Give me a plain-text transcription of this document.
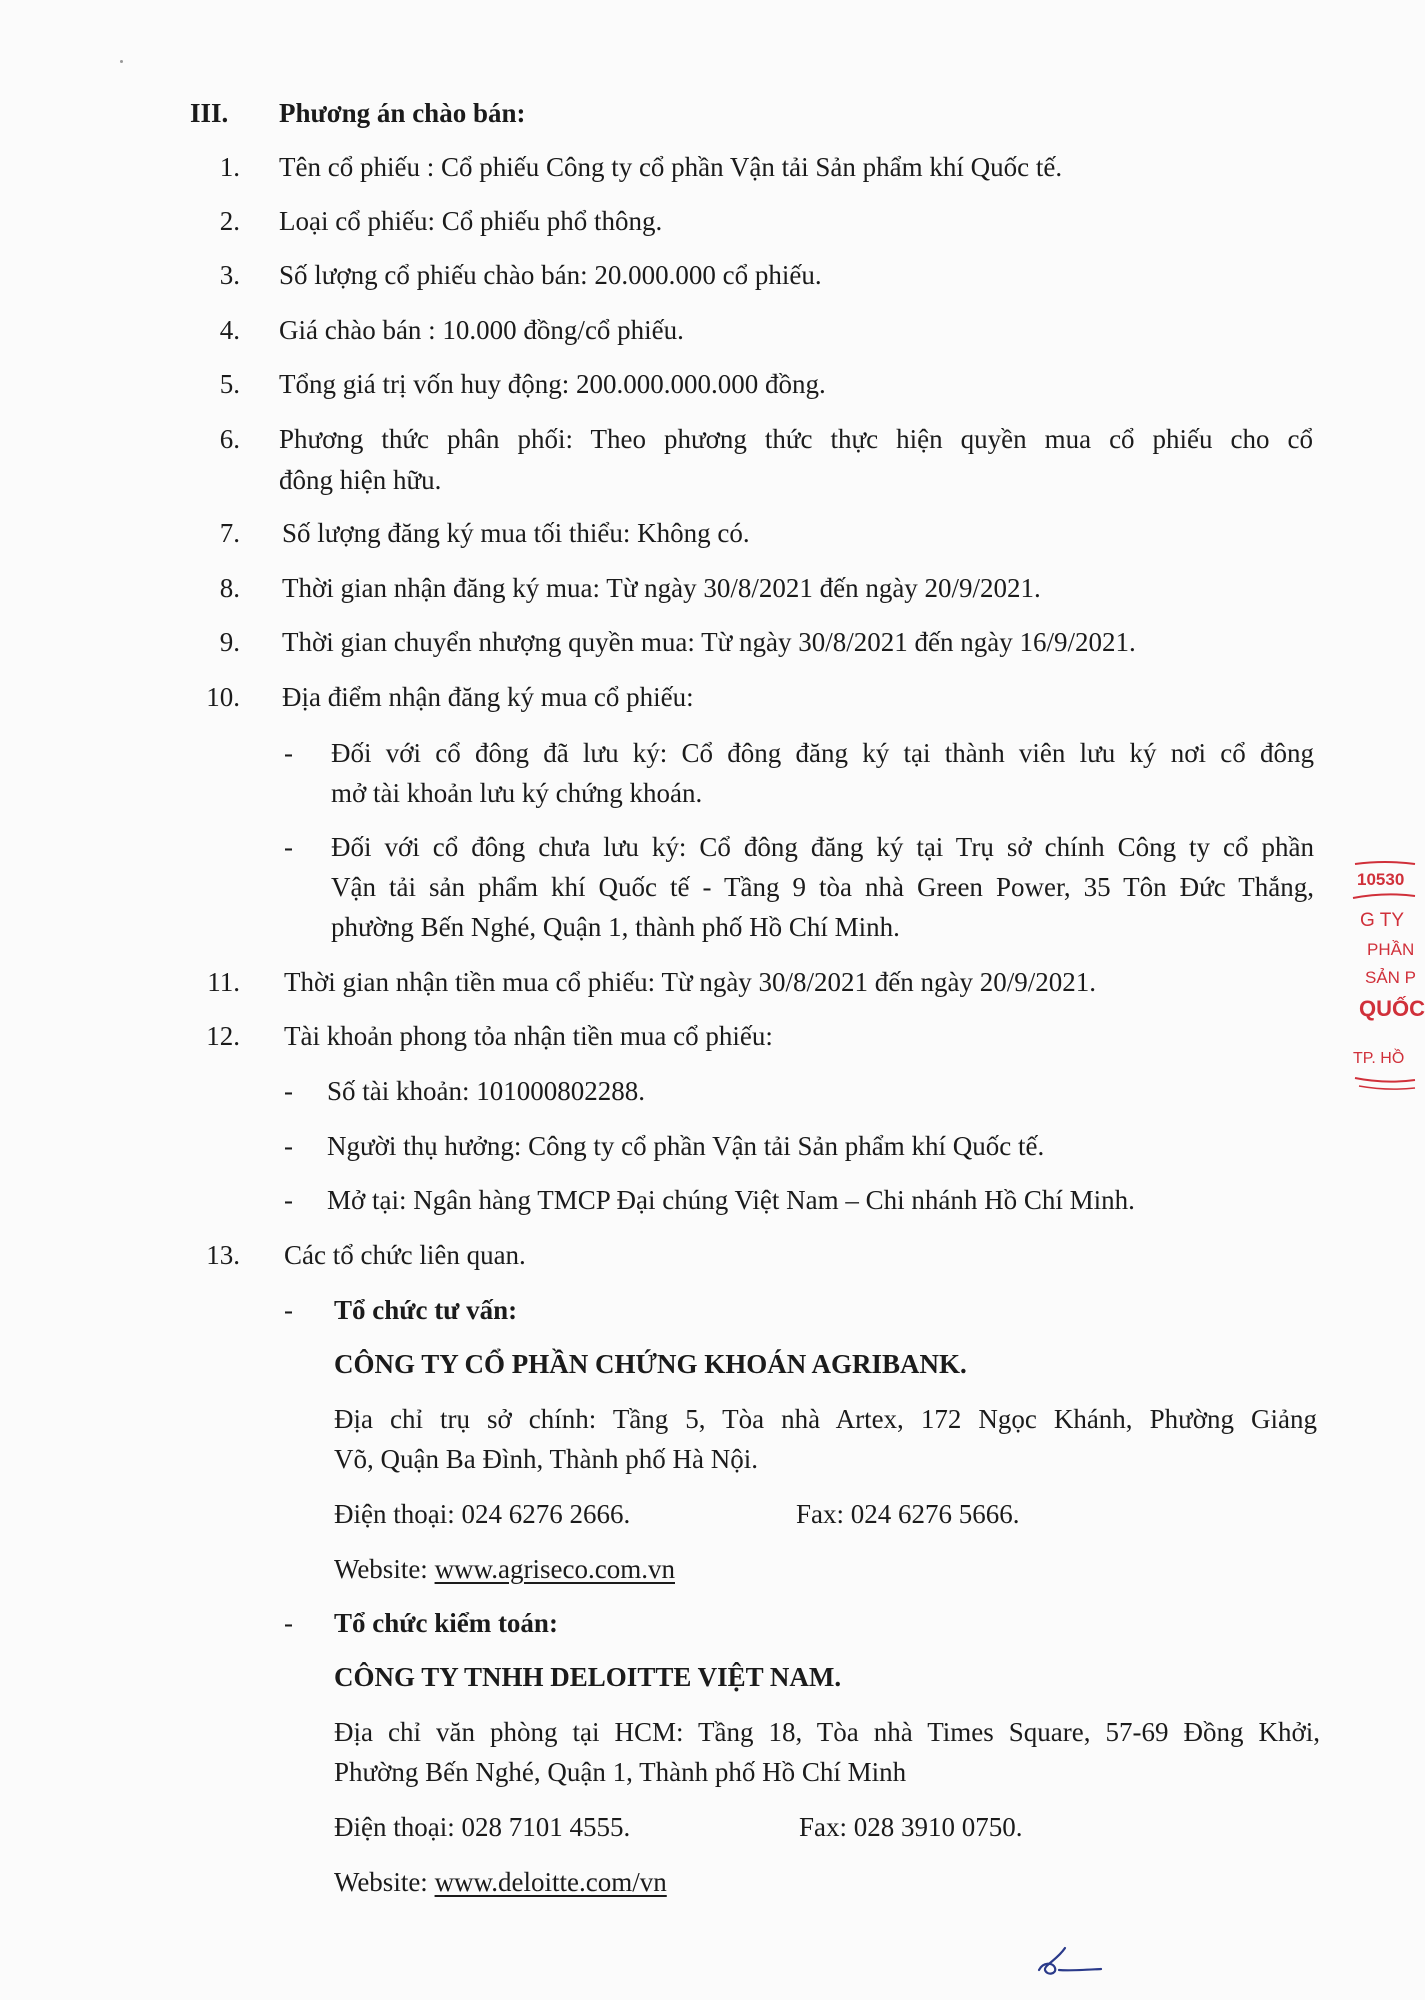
III. Phương án chào bán:
1. Tên cổ phiếu : Cổ phiếu Công ty cổ phần Vận tải Sản phẩm khí Quốc tế.
2. Loại cổ phiếu: Cổ phiếu phổ thông.
3. Số lượng cổ phiếu chào bán: 20.000.000 cổ phiếu.
4. Giá chào bán : 10.000 đồng/cổ phiếu.
5. Tổng giá trị vốn huy động: 200.000.000.000 đồng.
6. Phương thức phân phối: Theo phương thức thực hiện quyền mua cổ phiếu cho cổ
đông hiện hữu.
7. Số lượng đăng ký mua tối thiểu: Không có.
8. Thời gian nhận đăng ký mua: Từ ngày 30/8/2021 đến ngày 20/9/2021.
9. Thời gian chuyển nhượng quyền mua: Từ ngày 30/8/2021 đến ngày 16/9/2021.
10. Địa điểm nhận đăng ký mua cổ phiếu:
- Đối với cổ đông đã lưu ký: Cổ đông đăng ký tại thành viên lưu ký nơi cổ đông
mở tài khoản lưu ký chứng khoán.
- Đối với cổ đông chưa lưu ký: Cổ đông đăng ký tại Trụ sở chính Công ty cổ phần
Vận tải sản phẩm khí Quốc tế - Tầng 9 tòa nhà Green Power, 35 Tôn Đức Thắng,
phường Bến Nghé, Quận 1, thành phố Hồ Chí Minh.
11. Thời gian nhận tiền mua cổ phiếu: Từ ngày 30/8/2021 đến ngày 20/9/2021.
12. Tài khoản phong tỏa nhận tiền mua cổ phiếu:
- Số tài khoản: 101000802288.
- Người thụ hưởng: Công ty cổ phần Vận tải Sản phẩm khí Quốc tế.
- Mở tại: Ngân hàng TMCP Đại chúng Việt Nam – Chi nhánh Hồ Chí Minh.
13. Các tổ chức liên quan.
- Tổ chức tư vấn:
CÔNG TY CỔ PHẦN CHỨNG KHOÁN AGRIBANK.
Địa chỉ trụ sở chính: Tầng 5, Tòa nhà Artex, 172 Ngọc Khánh, Phường Giảng
Võ, Quận Ba Đình, Thành phố Hà Nội.
Điện thoại: 024 6276 2666.	Fax: 024 6276 5666.
Website: www.agriseco.com.vn
- Tổ chức kiểm toán:
CÔNG TY TNHH DELOITTE VIỆT NAM.
Địa chỉ văn phòng tại HCM: Tầng 18, Tòa nhà Times Square, 57-69 Đồng Khởi,
Phường Bến Nghé, Quận 1, Thành phố Hồ Chí Minh
Điện thoại: 028 7101 4555.	Fax: 028 3910 0750.
Website: www.deloitte.com/vn
10530
G TY
PHẦN
SẢN P
QUỐC
TP. HỒ
